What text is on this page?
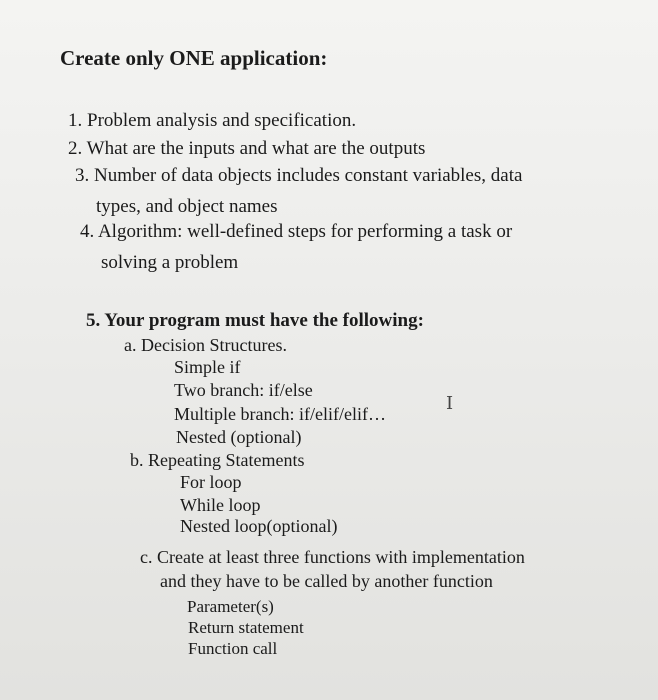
Create only ONE application:
1. Problem analysis and specification.
2. What are the inputs and what are the outputs
3. Number of data objects includes constant variables, data
types, and object names
4. Algorithm: well-defined steps for performing a task or
solving a problem
5. Your program must have the following:
a. Decision Structures.
Simple if
Two branch: if/else
Multiple branch: if/elif/elif…
Nested (optional)
I
b. Repeating Statements
For loop
While loop
Nested loop(optional)
c. Create at least three functions with implementation
and they have to be called by another function
Parameter(s)
Return statement
Function call
